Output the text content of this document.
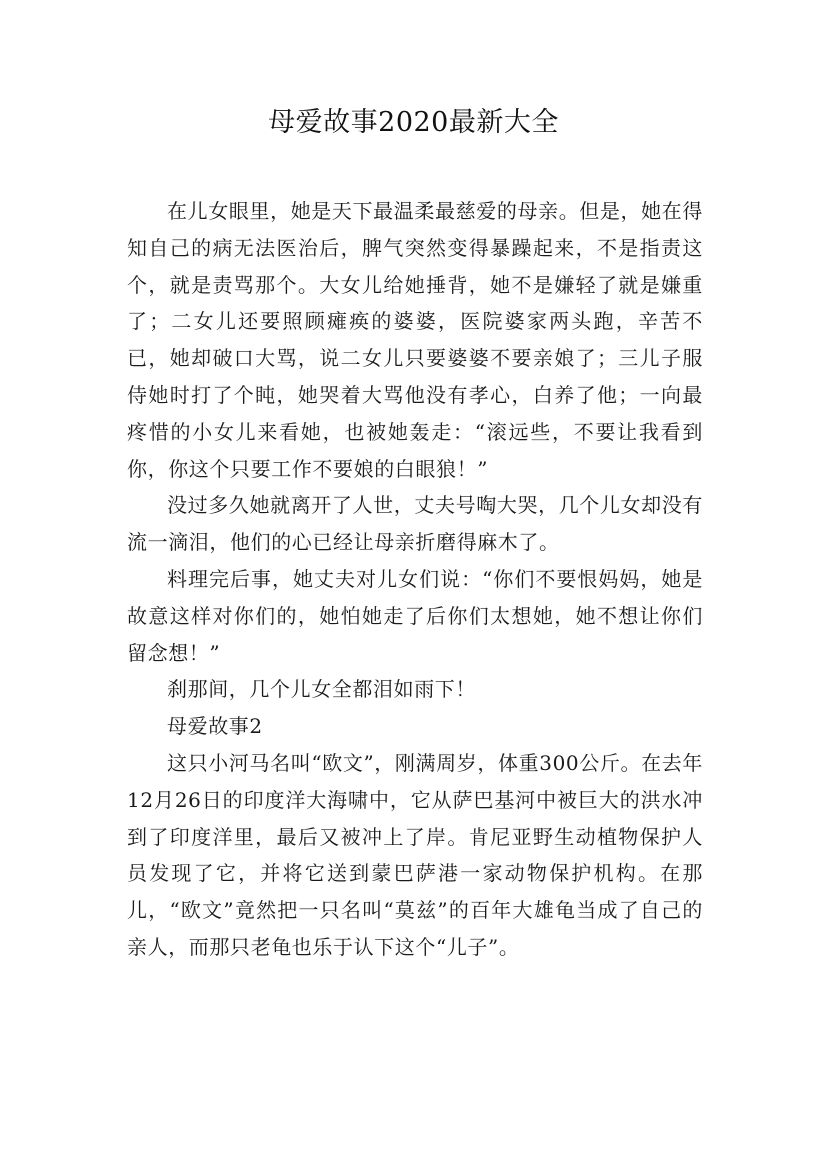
母爱故事2020最新大全

在儿女眼里，她是天下最温柔最慈爱的母亲。但是，她在得知自己的病无法医治后，脾气突然变得暴躁起来，不是指责这个，就是责骂那个。大女儿给她捶背，她不是嫌轻了就是嫌重了；二女儿还要照顾瘫痪的婆婆，医院婆家两头跑，辛苦不已，她却破口大骂，说二女儿只要婆婆不要亲娘了；三儿子服侍她时打了个盹，她哭着大骂他没有孝心，白养了他；一向最疼惜的小女儿来看她，也被她轰走：“滚远些，不要让我看到你，你这个只要工作不要娘的白眼狼！”

没过多久她就离开了人世，丈夫号啕大哭，几个儿女却没有流一滴泪，他们的心已经让母亲折磨得麻木了。

料理完后事，她丈夫对儿女们说：“你们不要恨妈妈，她是故意这样对你们的，她怕她走了后你们太想她，她不想让你们留念想！”

刹那间，几个儿女全都泪如雨下！

母爱故事2

这只小河马名叫“欧文”，刚满周岁，体重300公斤。在去年12月26日的印度洋大海啸中，它从萨巴基河中被巨大的洪水冲到了印度洋里，最后又被冲上了岸。肯尼亚野生动植物保护人员发现了它，并将它送到蒙巴萨港一家动物保护机构。在那儿，“欧文”竟然把一只名叫“莫兹”的百年大雄龟当成了自己的亲人，而那只老龟也乐于认下这个“儿子”。
